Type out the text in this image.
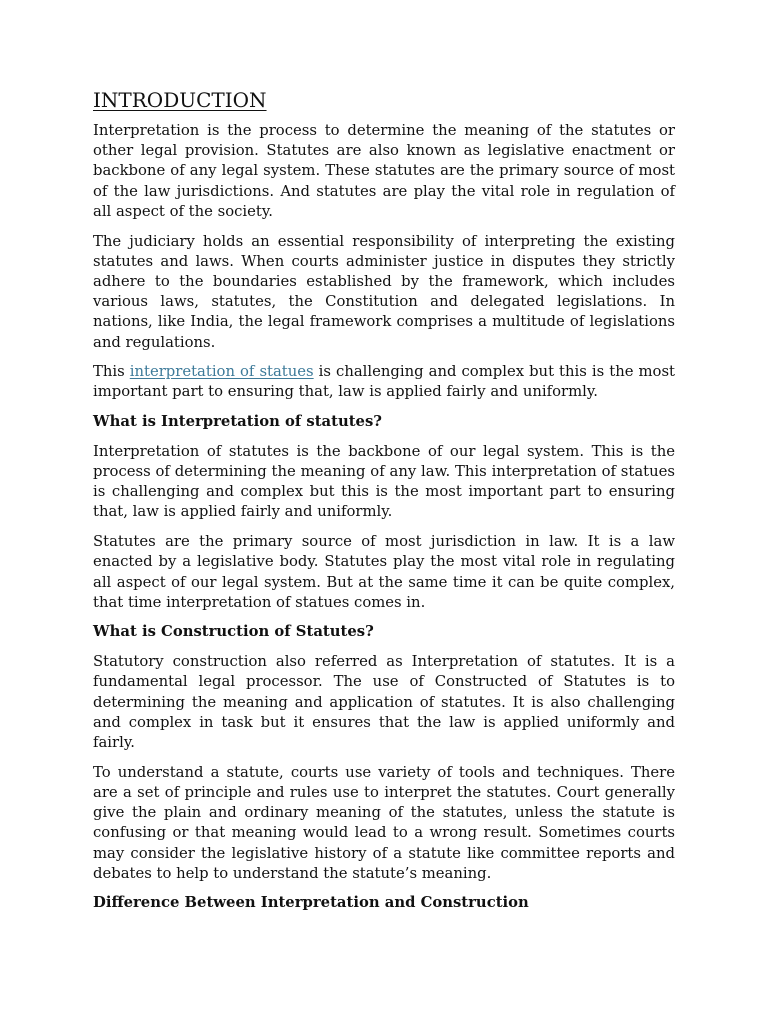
INTRODUCTION

Interpretation is the process to determine the meaning of the statutes or other legal provision. Statutes are also known as legislative enactment or backbone of any legal system. These statutes are the primary source of most of the law jurisdictions. And statutes are play the vital role in regulation of all aspect of the society.

The judiciary holds an essential responsibility of interpreting the existing statutes and laws. When courts administer justice in disputes they strictly adhere to the boundaries established by the framework, which includes various laws, statutes, the Constitution and delegated legislations. In nations, like India, the legal framework comprises a multitude of legislations and regulations.

This interpretation of statues is challenging and complex but this is the most important part to ensuring that, law is applied fairly and uniformly.

What is Interpretation of statutes?

Interpretation of statutes is the backbone of our legal system. This is the process of determining the meaning of any law. This interpretation of statues is challenging and complex but this is the most important part to ensuring that, law is applied fairly and uniformly.

Statutes are the primary source of most jurisdiction in law. It is a law enacted by a legislative body. Statutes play the most vital role in regulating all aspect of our legal system. But at the same time it can be quite complex, that time interpretation of statues comes in.

What is Construction of Statutes?

Statutory construction also referred as Interpretation of statutes. It is a fundamental legal processor. The use of Constructed of Statutes is to determining the meaning and application of statutes. It is also challenging and complex in task but it ensures that the law is applied uniformly and fairly.

To understand a statute, courts use variety of tools and techniques. There are a set of principle and rules use to interpret the statutes. Court generally give the plain and ordinary meaning of the statutes, unless the statute is confusing or that meaning would lead to a wrong result. Sometimes courts may consider the legislative history of a statute like committee reports and debates to help to understand the statute’s meaning.

Difference Between Interpretation and Construction
